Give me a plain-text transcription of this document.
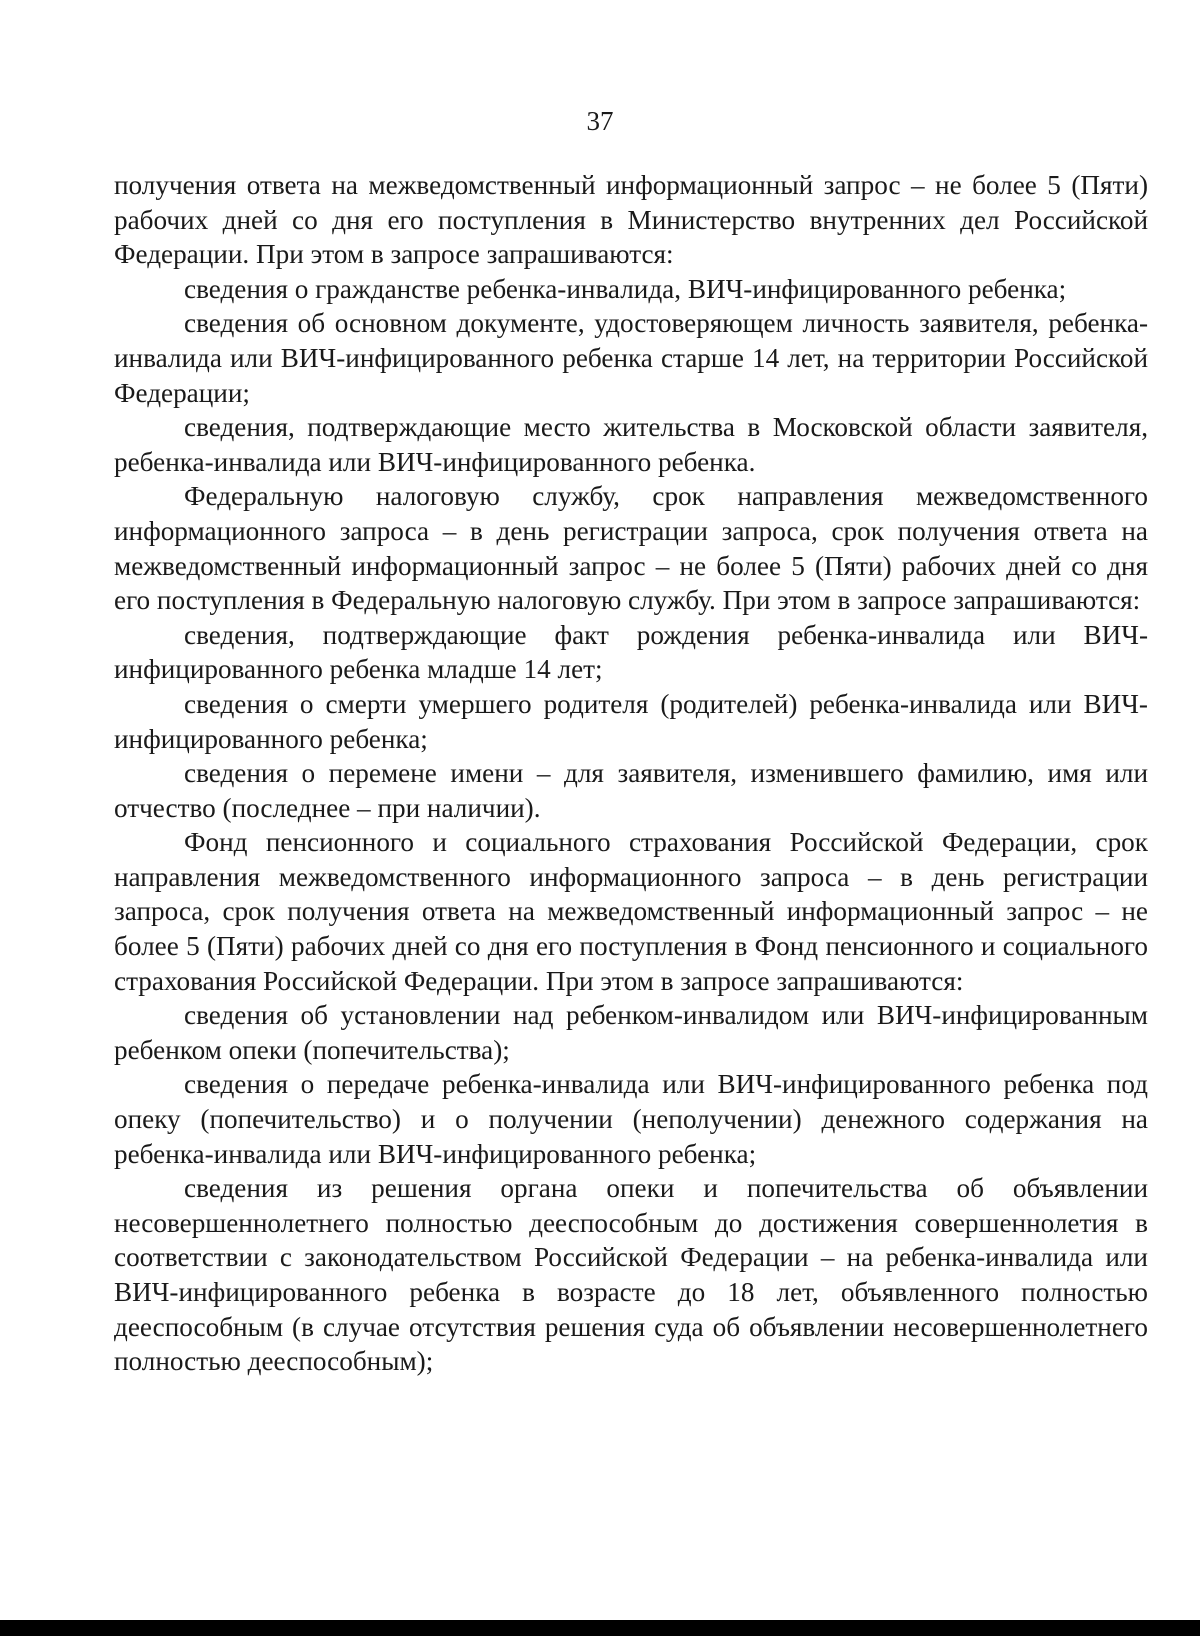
37

получения ответа на межведомственный информационный запрос – не более 5 (Пяти) рабочих дней со дня его поступления в Министерство внутренних дел Российской Федерации. При этом в запросе запрашиваются:

сведения о гражданстве ребенка-инвалида, ВИЧ-инфицированного ребенка;

сведения об основном документе, удостоверяющем личность заявителя, ребенка-инвалида или ВИЧ-инфицированного ребенка старше 14 лет, на территории Российской Федерации;

сведения, подтверждающие место жительства в Московской области заявителя, ребенка-инвалида или ВИЧ-инфицированного ребенка.

Федеральную налоговую службу, срок направления межведомственного информационного запроса – в день регистрации запроса, срок получения ответа на межведомственный информационный запрос – не более 5 (Пяти) рабочих дней со дня его поступления в Федеральную налоговую службу. При этом в запросе запрашиваются:

сведения, подтверждающие факт рождения ребенка-инвалида или ВИЧ-инфицированного ребенка младше 14 лет;

сведения о смерти умершего родителя (родителей) ребенка-инвалида или ВИЧ-инфицированного ребенка;

сведения о перемене имени – для заявителя, изменившего фамилию, имя или отчество (последнее – при наличии).

Фонд пенсионного и социального страхования Российской Федерации, срок направления межведомственного информационного запроса – в день регистрации запроса, срок получения ответа на межведомственный информационный запрос – не более 5 (Пяти) рабочих дней со дня его поступления в Фонд пенсионного и социального страхования Российской Федерации. При этом в запросе запрашиваются:

сведения об установлении над ребенком-инвалидом или ВИЧ-инфицированным ребенком опеки (попечительства);

сведения о передаче ребенка-инвалида или ВИЧ-инфицированного ребенка под опеку (попечительство) и о получении (неполучении) денежного содержания на ребенка-инвалида или ВИЧ-инфицированного ребенка;

сведения из решения органа опеки и попечительства об объявлении несовершеннолетнего полностью дееспособным до достижения совершеннолетия в соответствии с законодательством Российской Федерации – на ребенка-инвалида или ВИЧ-инфицированного ребенка в возрасте до 18 лет, объявленного полностью дееспособным (в случае отсутствия решения суда об объявлении несовершеннолетнего полностью дееспособным);
